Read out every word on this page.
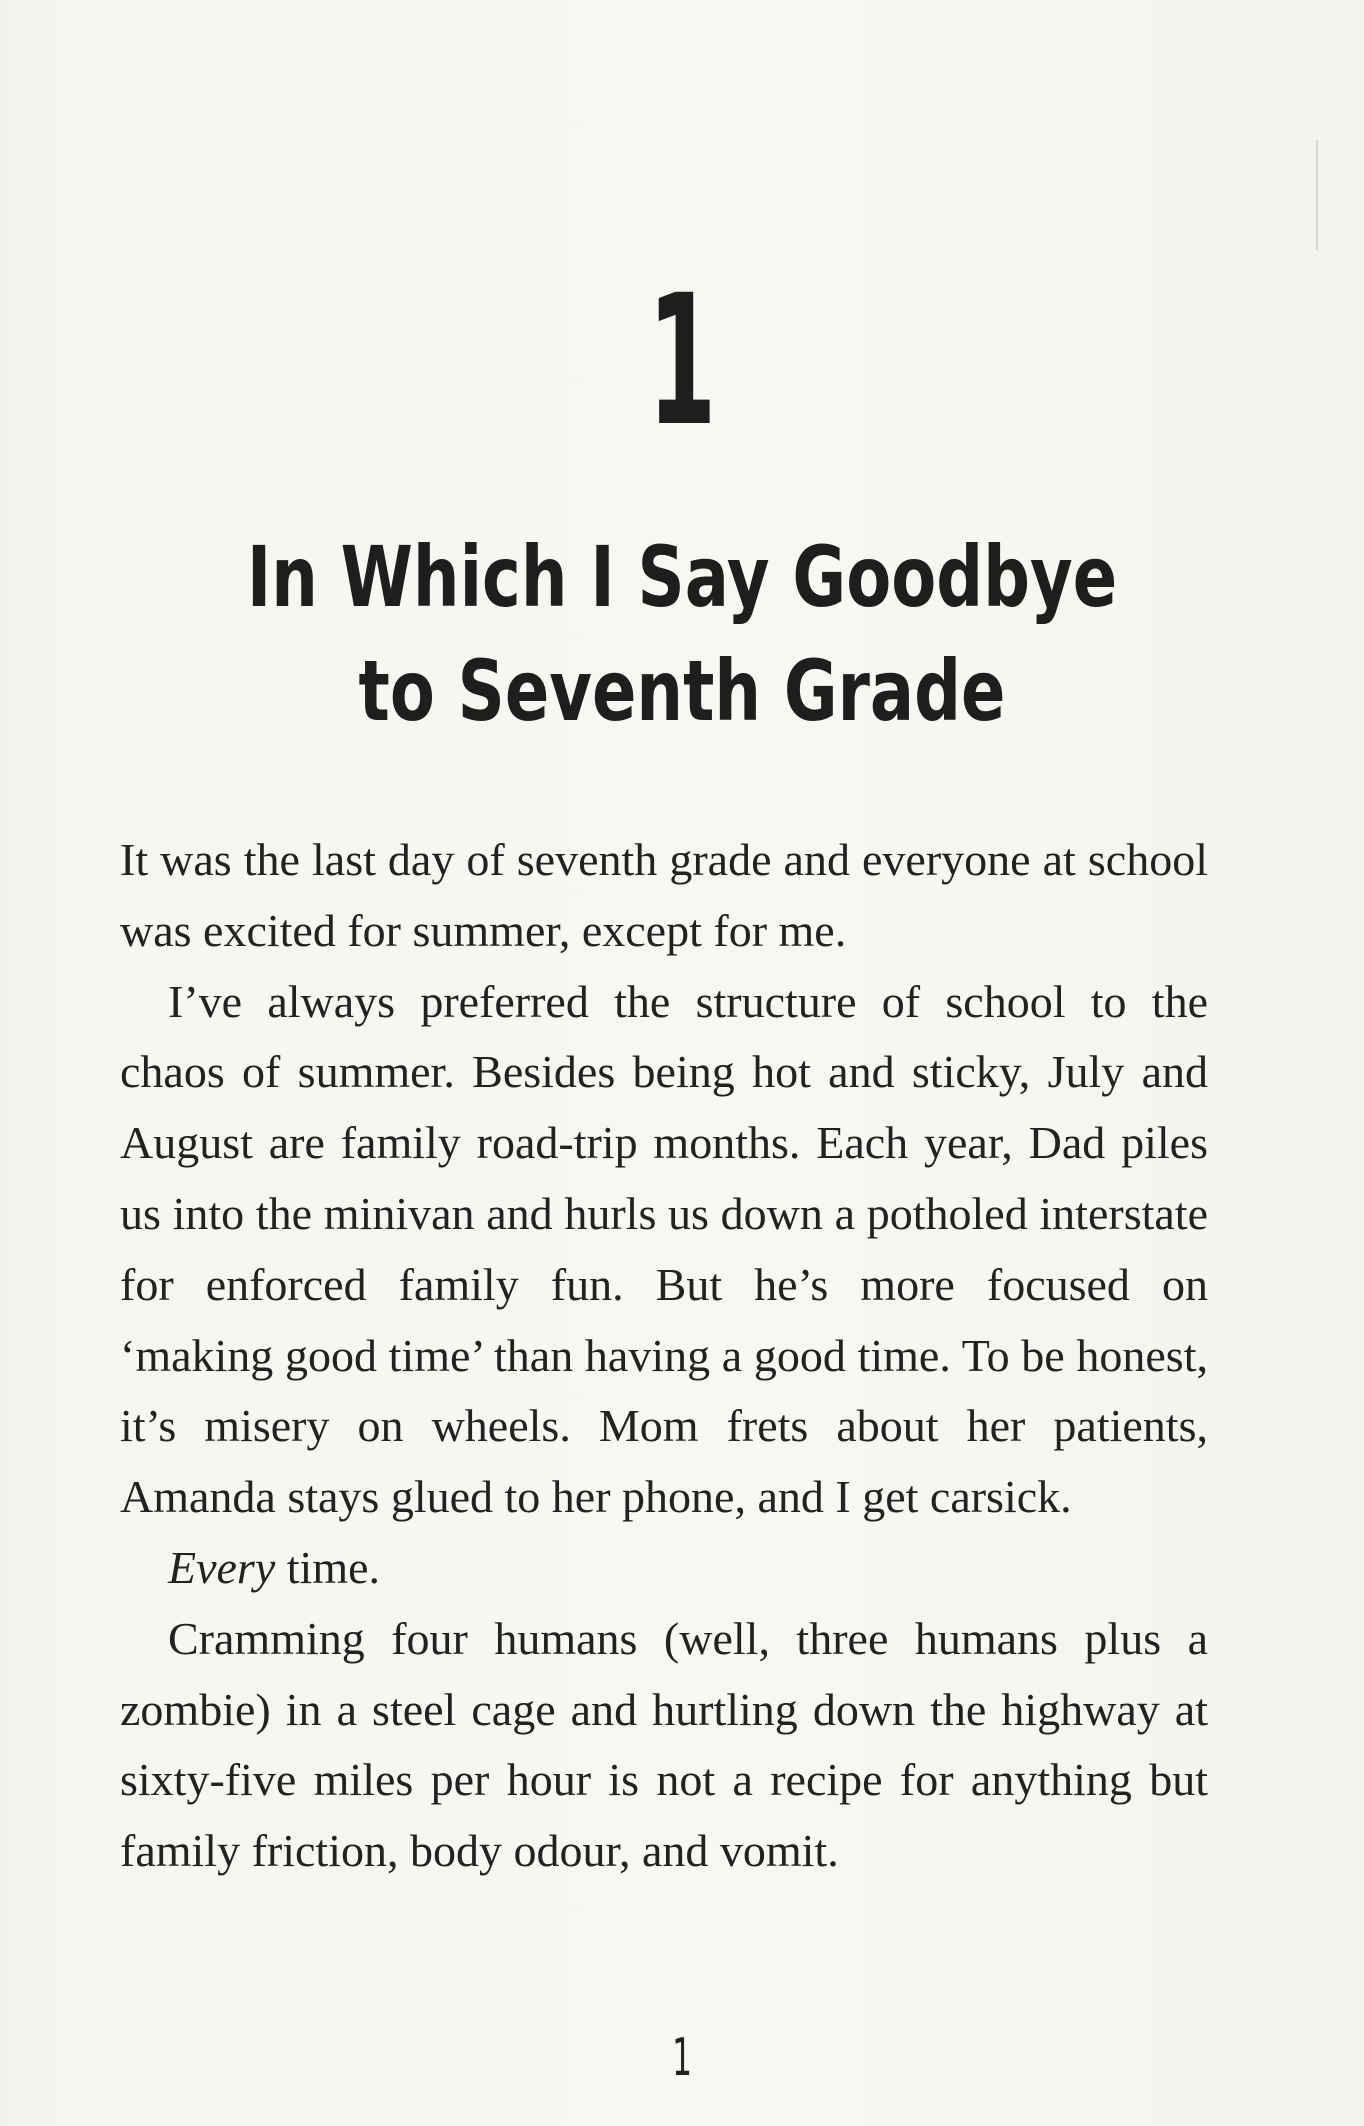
1
In Which I Say Goodbye
to Seventh Grade

It was the last day of seventh grade and everyone at school was excited for summer, except for me.

I’ve always preferred the structure of school to the chaos of summer. Besides being hot and sticky, July and August are family road-trip months. Each year, Dad piles us into the minivan and hurls us down a potholed interstate for enforced family fun. But he’s more focused on ‘making good time’ than having a good time. To be honest, it’s misery on wheels. Mom frets about her patients, Amanda stays glued to her phone, and I get carsick.

Every time.

Cramming four humans (well, three humans plus a zombie) in a steel cage and hurtling down the highway at sixty-five miles per hour is not a recipe for anything but family friction, body odour, and vomit.

1
